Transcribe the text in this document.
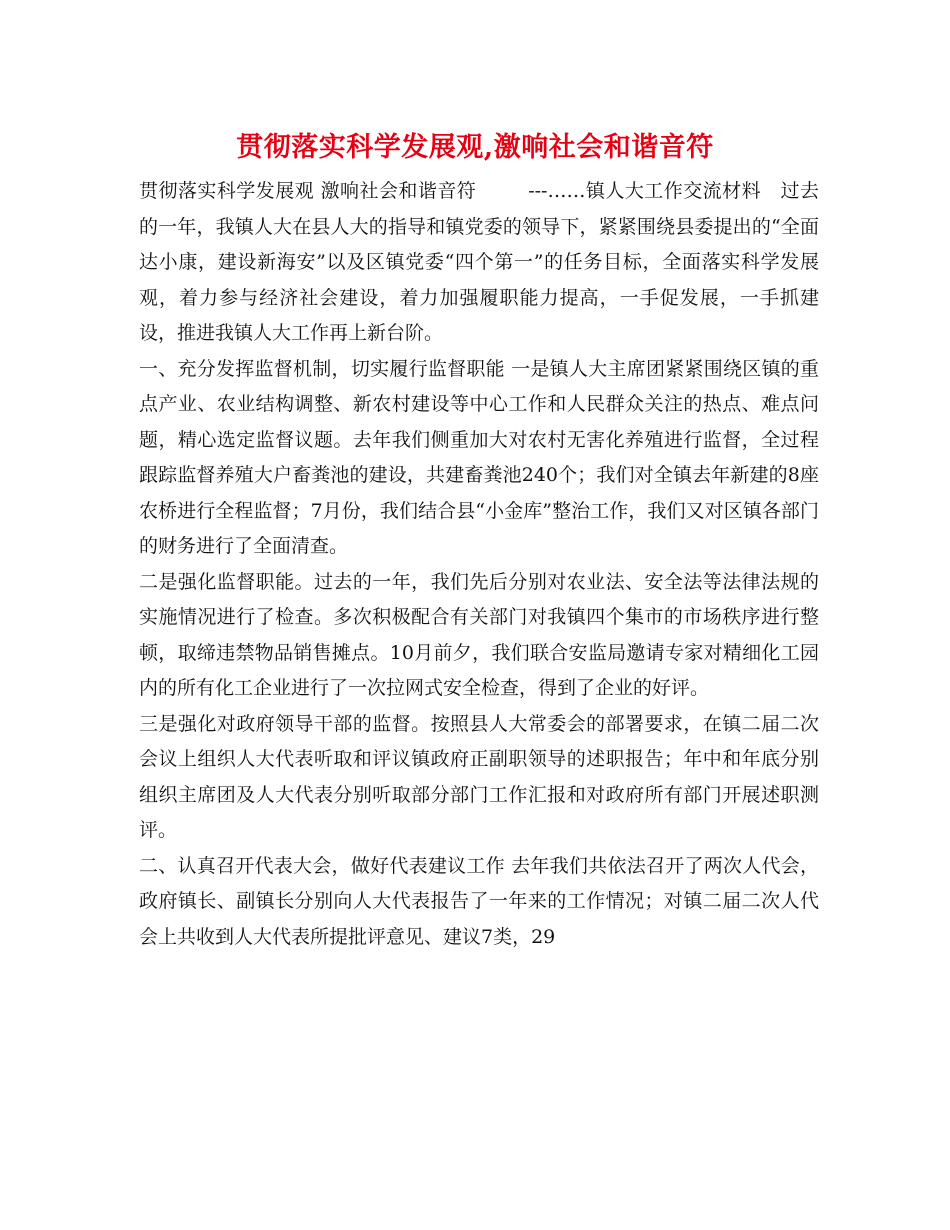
贯彻落实科学发展观,激响社会和谐音符

贯彻落实科学发展观 激响社会和谐音符        ---……镇人大工作交流材料   过去的一年，我镇人大在县人大的指导和镇党委的领导下，紧紧围绕县委提出的“全面达小康，建设新海安”以及区镇党委“四个第一”的任务目标，全面落实科学发展观，着力参与经济社会建设，着力加强履职能力提高，一手促发展，一手抓建设，推进我镇人大工作再上新台阶。

一、充分发挥监督机制，切实履行监督职能 一是镇人大主席团紧紧围绕区镇的重点产业、农业结构调整、新农村建设等中心工作和人民群众关注的热点、难点问题，精心选定监督议题。去年我们侧重加大对农村无害化养殖进行监督，全过程跟踪监督养殖大户畜粪池的建设，共建畜粪池240个；我们对全镇去年新建的8座农桥进行全程监督；7月份，我们结合县“小金库”整治工作，我们又对区镇各部门的财务进行了全面清查。

二是强化监督职能。过去的一年，我们先后分别对农业法、安全法等法律法规的实施情况进行了检查。多次积极配合有关部门对我镇四个集市的市场秩序进行整顿，取缔违禁物品销售摊点。10月前夕，我们联合安监局邀请专家对精细化工园内的所有化工企业进行了一次拉网式安全检查，得到了企业的好评。

三是强化对政府领导干部的监督。按照县人大常委会的部署要求，在镇二届二次会议上组织人大代表听取和评议镇政府正副职领导的述职报告；年中和年底分别组织主席团及人大代表分别听取部分部门工作汇报和对政府所有部门开展述职测评。

二、认真召开代表大会，做好代表建议工作 去年我们共依法召开了两次人代会，政府镇长、副镇长分别向人大代表报告了一年来的工作情况；对镇二届二次人代会上共收到人大代表所提批评意见、建议7类，29
